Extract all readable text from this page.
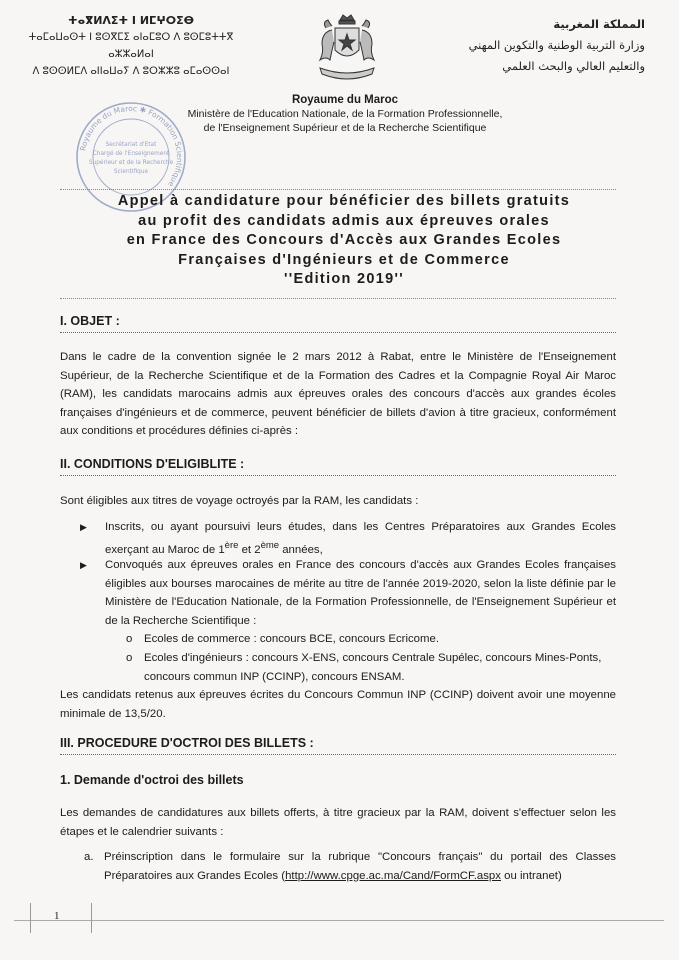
ⵜⴰⴳⵍⴷⵉⵜ ⵏ ⵍⵎⵖⵔⵉⴱ
ⵜⴰⵎⴰⵡⴰⵙⵜ ⵏ ⵓⵙⴳⵎⵉ ⴰⵏⴰⵎⵓⵔ ⴷ ⵓⵙⵎⵓⵜⵜⴳ ⴰⵣⵣⴰⵍⴰⵏ
ⴷ ⵓⵙⵙⵍⵎⴷ ⴰⵏⵏⴰⵡⴰⵢ ⴷ ⵓⵔⵣⵣⵓ ⴰⵎⴰⵙⵙⴰⵏ
المملكة المغربية
وزارة التربية الوطنية والتكوين المهني
والتعليم العالي والبحث العلمي
Royaume du Maroc
Ministère de l'Education Nationale, de la Formation Professionnelle,
de l'Enseignement Supérieur et de la Recherche Scientifique
Royaume du Maroc ✱ Formation Scientifique
Secrétariat d'Etat
Chargé de l'Enseignement
Supérieur et de la Recherche
Scientifique
Appel à candidature pour bénéficier des billets gratuits
au profit des candidats admis aux épreuves orales
en France des Concours d'Accès aux Grandes Ecoles
Françaises d'Ingénieurs et de Commerce
''Edition 2019''
I. OBJET :
Dans le cadre de la convention signée le 2 mars 2012 à Rabat, entre le Ministère de l'Enseignement Supérieur, de la Recherche Scientifique et de la Formation des Cadres et la Compagnie Royal Air Maroc (RAM), les candidats marocains admis aux épreuves orales des concours d'accès aux grandes écoles françaises d'ingénieurs et de commerce, peuvent bénéficier de billets d'avion à titre gracieux, conformément aux conditions et procédures définies ci-après :
II. CONDITIONS D'ELIGIBLITE :
Sont éligibles aux titres de voyage octroyés par la RAM, les candidats :
▶	Inscrits, ou ayant poursuivi leurs études, dans les Centres Préparatoires aux Grandes Ecoles exerçant au Maroc de 1ère et 2ème années,
▶	Convoqués aux épreuves orales en France des concours d'accès aux Grandes Ecoles françaises éligibles aux bourses marocaines de mérite au titre de l'année 2019-2020, selon la liste définie par le Ministère de l'Education Nationale, de la Formation Professionnelle, de l'Enseignement Supérieur et de la Recherche Scientifique :
o	Ecoles de commerce : concours BCE, concours Ecricome.
o	Ecoles d'ingénieurs : concours X-ENS, concours Centrale Supélec, concours Mines-Ponts, concours commun INP (CCINP), concours ENSAM.
Les candidats retenus aux épreuves écrites du Concours Commun INP (CCINP) doivent avoir une moyenne minimale de 13,5/20.
III. PROCEDURE D'OCTROI DES BILLETS :
1. Demande d'octroi des billets
Les demandes de candidatures aux billets offerts, à titre gracieux par la RAM, doivent s'effectuer selon les étapes et le calendrier suivants :
a. Préinscription dans le formulaire sur la rubrique "Concours français" du portail des Classes Préparatoires aux Grandes Ecoles (http://www.cpge.ac.ma/Cand/FormCF.aspx ou intranet)
1
